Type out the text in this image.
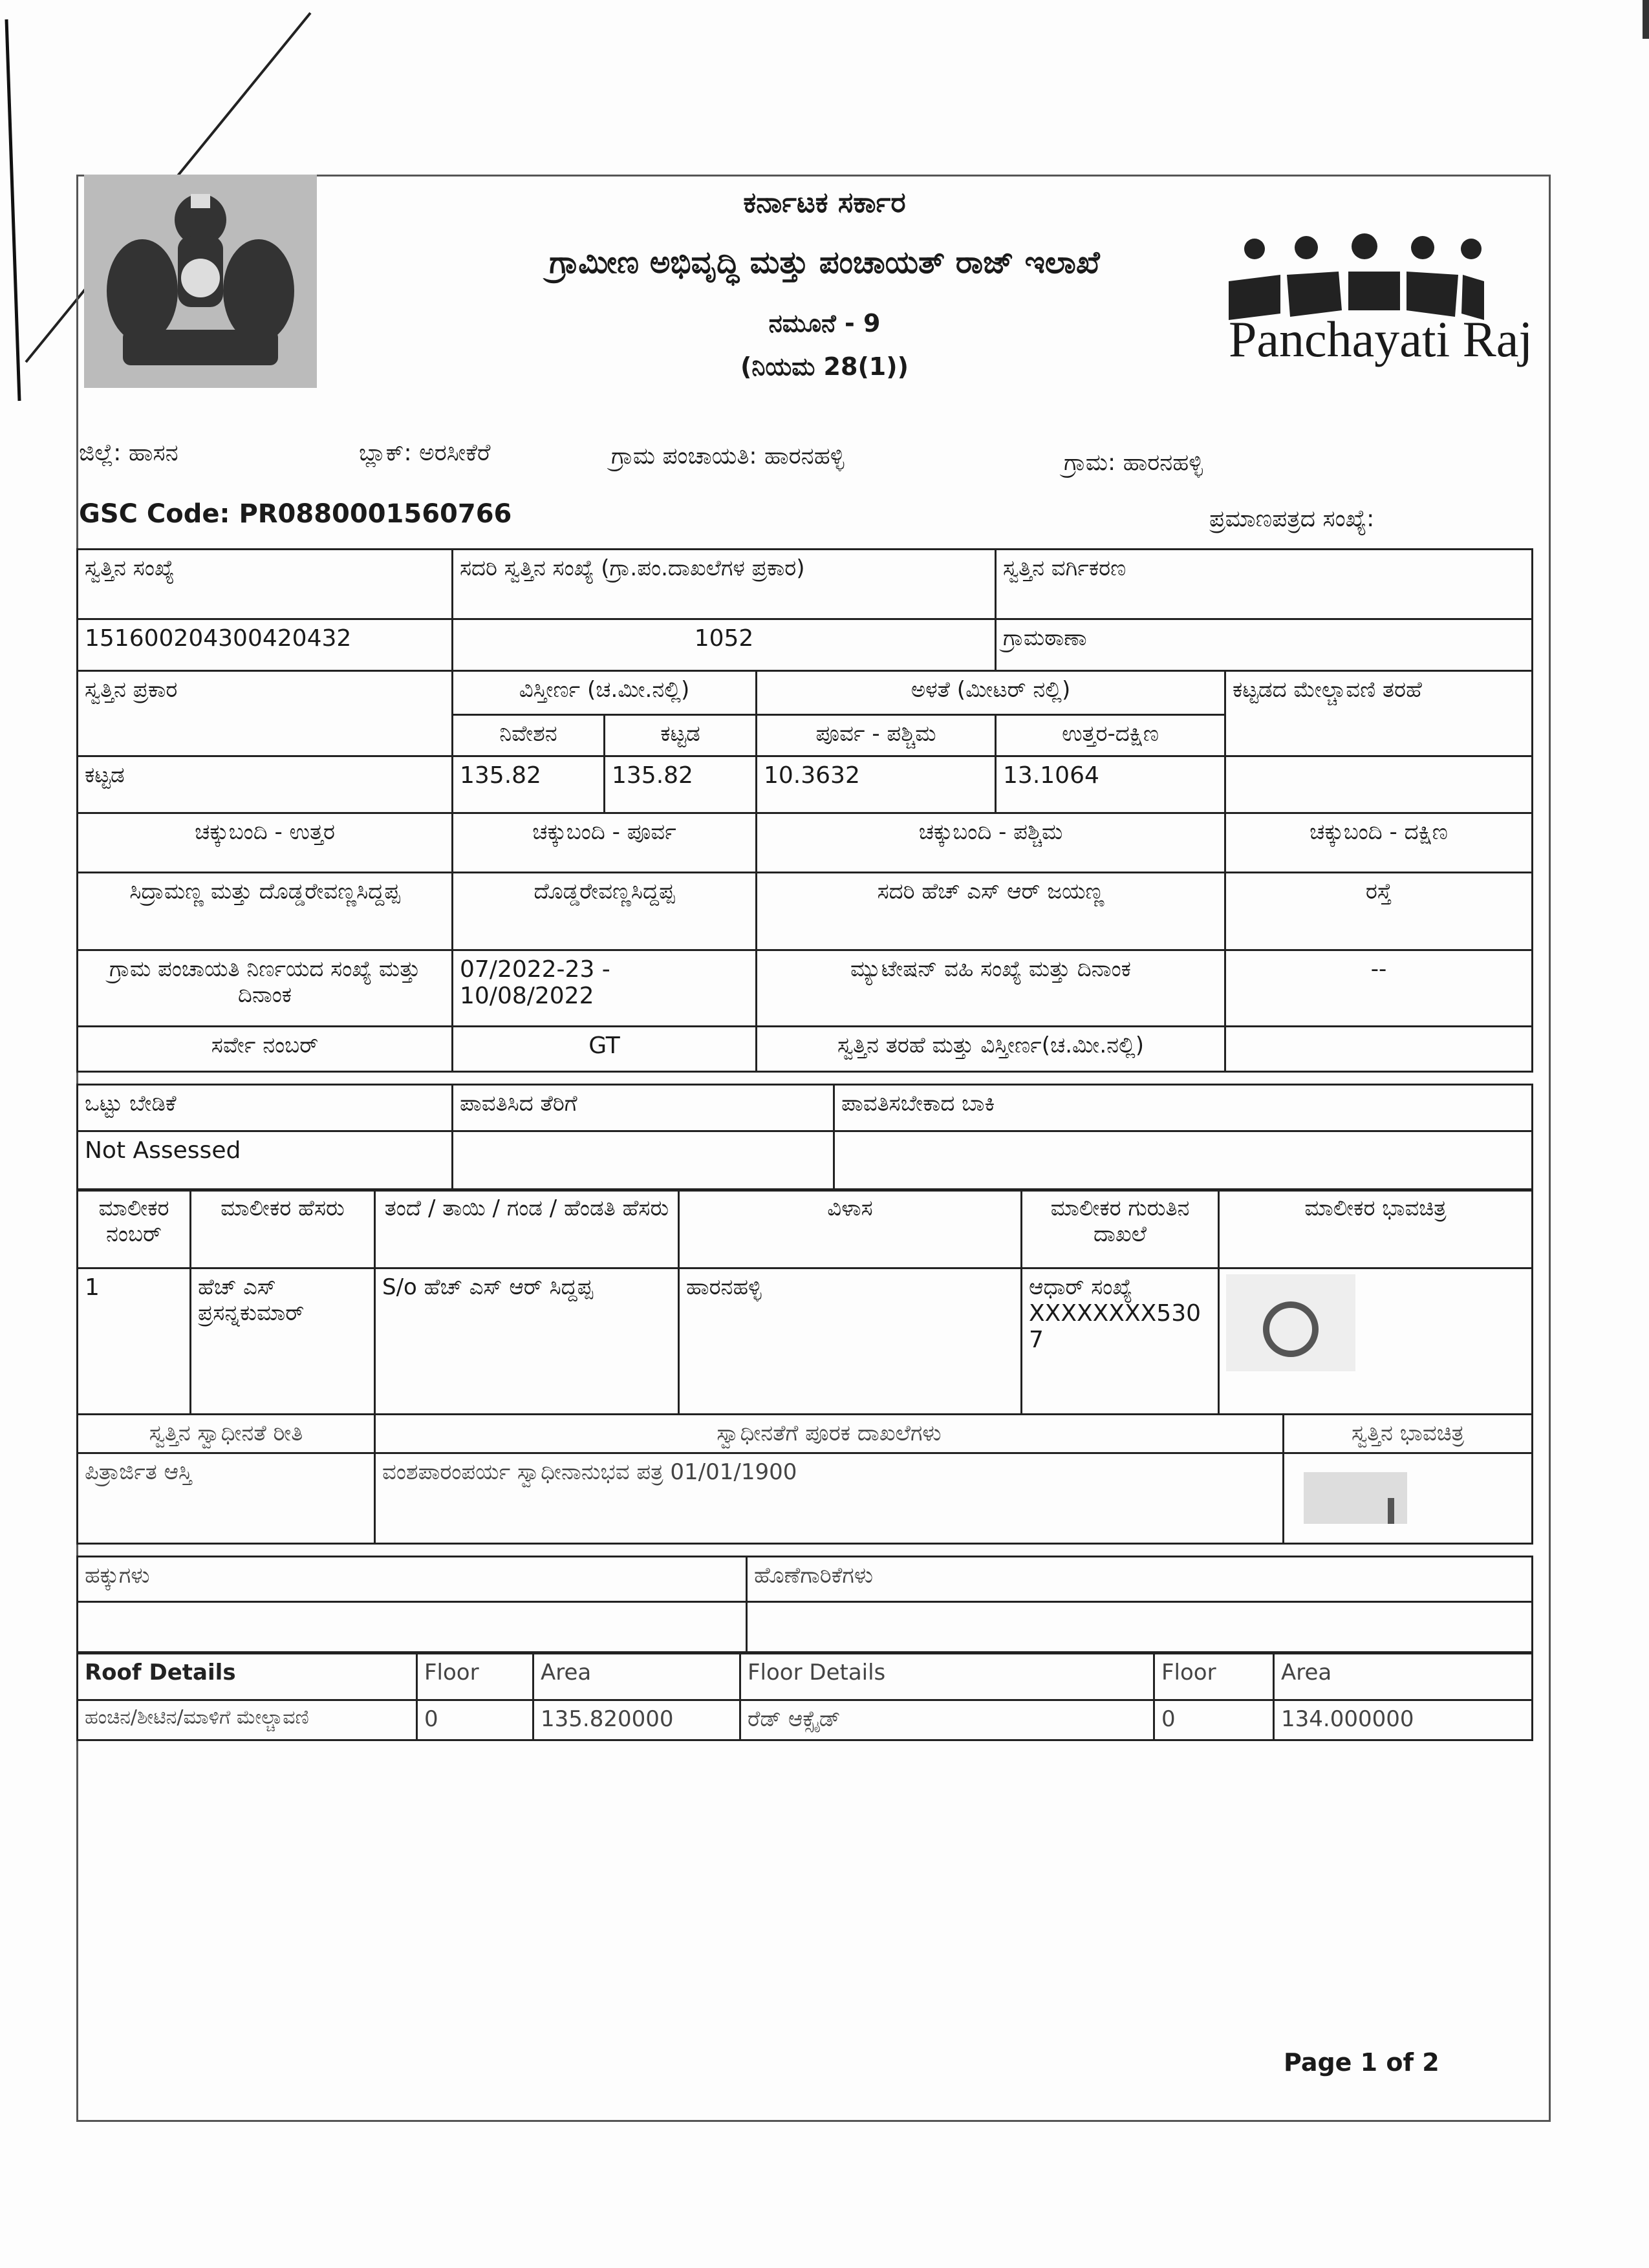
Panchayati Raj
ಕರ್ನಾಟಕ ಸರ್ಕಾರ
ಗ್ರಾಮೀಣ ಅಭಿವೃದ್ಧಿ ಮತ್ತು ಪಂಚಾಯತ್ ರಾಜ್ ಇಲಾಖೆ
ನಮೂನೆ - 9
(ನಿಯಮ 28(1))
ಜಿಲ್ಲೆ: ಹಾಸನ	ಬ್ಲಾಕ್: ಅರಸೀಕೆರೆ	ಗ್ರಾಮ ಪಂಚಾಯತಿ: ಹಾರನಹಳ್ಳಿ	ಗ್ರಾಮ: ಹಾರನಹಳ್ಳಿ
GSC Code: PR0880001560766	ಪ್ರಮಾಣಪತ್ರದ ಸಂಖ್ಯೆ:
ಸ್ವತ್ತಿನ ಸಂಖ್ಯೆ	ಸದರಿ ಸ್ವತ್ತಿನ ಸಂಖ್ಯೆ (ಗ್ರಾ.ಪಂ.ದಾಖಲೆಗಳ ಪ್ರಕಾರ)			ಸ್ವತ್ತಿನ ವರ್ಗಿಕರಣ	
151600204300420432	1052			ಗ್ರಾಮಠಾಣಾ	
ಸ್ವತ್ತಿನ ಪ್ರಕಾರ	ವಿಸ್ತೀರ್ಣ (ಚ.ಮೀ.ನಲ್ಲಿ)		ಅಳತೆ (ಮೀಟರ್ ನಲ್ಲಿ)		ಕಟ್ಟಡದ ಮೇಲ್ಚಾವಣಿ ತರಹೆ
	ನಿವೇಶನ	ಕಟ್ಟಡ	ಪೂರ್ವ - ಪಶ್ಚಿಮ	ಉತ್ತರ-ದಕ್ಷಿಣ	
ಕಟ್ಟಡ	135.82	135.82	10.3632	13.1064	
ಚಕ್ಕುಬಂದಿ - ಉತ್ತರ	ಚಕ್ಕುಬಂದಿ - ಪೂರ್ವ		ಚಕ್ಕುಬಂದಿ - ಪಶ್ಚಿಮ		ಚಕ್ಕುಬಂದಿ - ದಕ್ಷಿಣ
ಸಿದ್ರಾಮಣ್ಣ ಮತ್ತು ದೊಡ್ಡರೇವಣ್ಣಸಿದ್ದಪ್ಪ	ದೊಡ್ಡರೇವಣ್ಣಸಿದ್ದಪ್ಪ		ಸದರಿ ಹೆಚ್ ಎಸ್ ಆರ್ ಜಯಣ್ಣ		ರಸ್ತೆ
ಗ್ರಾಮ ಪಂಚಾಯತಿ ನಿರ್ಣಯದ ಸಂಖ್ಯೆ ಮತ್ತು ದಿನಾಂಕ	07/2022-23 - 10/08/2022		ಮ್ಯುಟೇಷನ್ ವಹಿ ಸಂಖ್ಯೆ ಮತ್ತು ದಿನಾಂಕ		--
ಸರ್ವೇ ನಂಬರ್	GT		ಸ್ವತ್ತಿನ ತರಹೆ ಮತ್ತು ವಿಸ್ತೀರ್ಣ(ಚ.ಮೀ.ನಲ್ಲಿ)		
ಒಟ್ಟು ಬೇಡಿಕೆ	ಪಾವತಿಸಿದ ತೆರಿಗೆ	ಪಾವತಿಸಬೇಕಾದ ಬಾಕಿ
Not Assessed		
ಮಾಲೀಕರ ನಂಬರ್	ಮಾಲೀಕರ ಹೆಸರು	ತಂದೆ / ತಾಯಿ / ಗಂಡ / ಹೆಂಡತಿ ಹೆಸರು	ವಿಳಾಸ	ಮಾಲೀಕರ ಗುರುತಿನ ದಾಖಲೆ	ಮಾಲೀಕರ ಭಾವಚಿತ್ರ
1	ಹೆಚ್ ಎಸ್ ಪ್ರಸನ್ನಕುಮಾರ್	S/o ಹೆಚ್ ಎಸ್ ಆರ್ ಸಿದ್ದಪ್ಪ	ಹಾರನಹಳ್ಳಿ	ಆಧಾರ್ ಸಂಖ್ಯೆ
XXXXXXXX5307

ಸ್ವತ್ತಿನ ಸ್ವಾಧೀನತೆ ರೀತಿ	ಸ್ವಾಧೀನತೆಗೆ ಪೂರಕ ದಾಖಲೆಗಳು	ಸ್ವತ್ತಿನ ಭಾವಚಿತ್ರ
ಪಿತ್ರಾರ್ಜಿತ ಆಸ್ತಿ	ವಂಶಪಾರಂಪರ್ಯ ಸ್ವಾಧೀನಾನುಭವ ಪತ್ರ 01/01/1900	
ಹಕ್ಕುಗಳು	ಹೊಣೆಗಾರಿಕೆಗಳು

Roof Details	Floor	Area	Floor Details	Floor	Area
ಹಂಚಿನ/ಶೀಟಿನ/ಮಾಳಿಗೆ ಮೇಲ್ಚಾವಣಿ	0	135.820000	ರೆಡ್ ಆಕ್ಸೈಡ್	0	134.000000
Page 1 of 2
